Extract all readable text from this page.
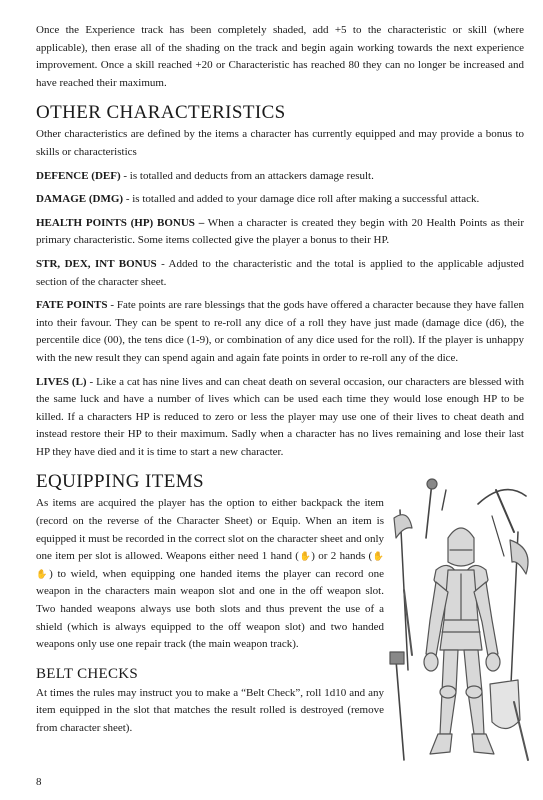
Once the Experience track has been completely shaded, add +5 to the characteristic or skill (where applicable), then erase all of the shading on the track and begin again working towards the next experience improvement. Once a skill reached +20 or Characteristic has reached 80 they can no longer be increased and have reached their maximum.

OTHER CHARACTERISTICS

Other characteristics are defined by the items a character has currently equipped and may provide a bonus to skills or characteristics

DEFENCE (DEF) - is totalled and deducts from an attackers damage result.

DAMAGE (DMG) - is totalled and added to your damage dice roll after making a successful attack.

HEALTH POINTS (HP) BONUS – When a character is created they begin with 20 Health Points as their primary characteristic. Some items collected give the player a bonus to their HP.

STR, DEX, INT BONUS - Added to the characteristic and the total is applied to the applicable adjusted section of the character sheet.

FATE POINTS - Fate points are rare blessings that the gods have offered a character because they have fallen into their favour. They can be spent to re-roll any dice of a roll they have just made (damage dice (d6), the percentile dice (00), the tens dice (1-9), or combination of any dice used for the roll). If the player is unhappy with the new result they can spend again and again fate points in order to re-roll any of the dice.

LIVES (L) - Like a cat has nine lives and can cheat death on several occasion, our characters are blessed with the same luck and have a number of lives which can be used each time they would lose enough HP to be killed. If a characters HP is reduced to zero or less the player may use one of their lives to cheat death and instead restore their HP to their maximum. Sadly when a character has no lives remaining and lose their last HP they have died and it is time to start a new character.

EQUIPPING ITEMS

As items are acquired the player has the option to either backpack the item (record on the reverse of the Character Sheet) or Equip. When an item is equipped it must be recorded in the correct slot on the character sheet and only one item per slot is allowed. Weapons either need 1 hand (✋) or 2 hands (✋✋) to wield, when equipping one handed items the player can record one weapon in the characters main weapon slot and one in the off weapon slot. Two handed weapons always use both slots and thus prevent the use of a shield (which is always equipped to the off weapon slot) and two handed weapons only use one repair track (the main weapon track).

BELT CHECKS

At times the rules may instruct you to make a “Belt Check”, roll 1d10 and any item equipped in the slot that matches the result rolled is destroyed (remove from character sheet).

8
